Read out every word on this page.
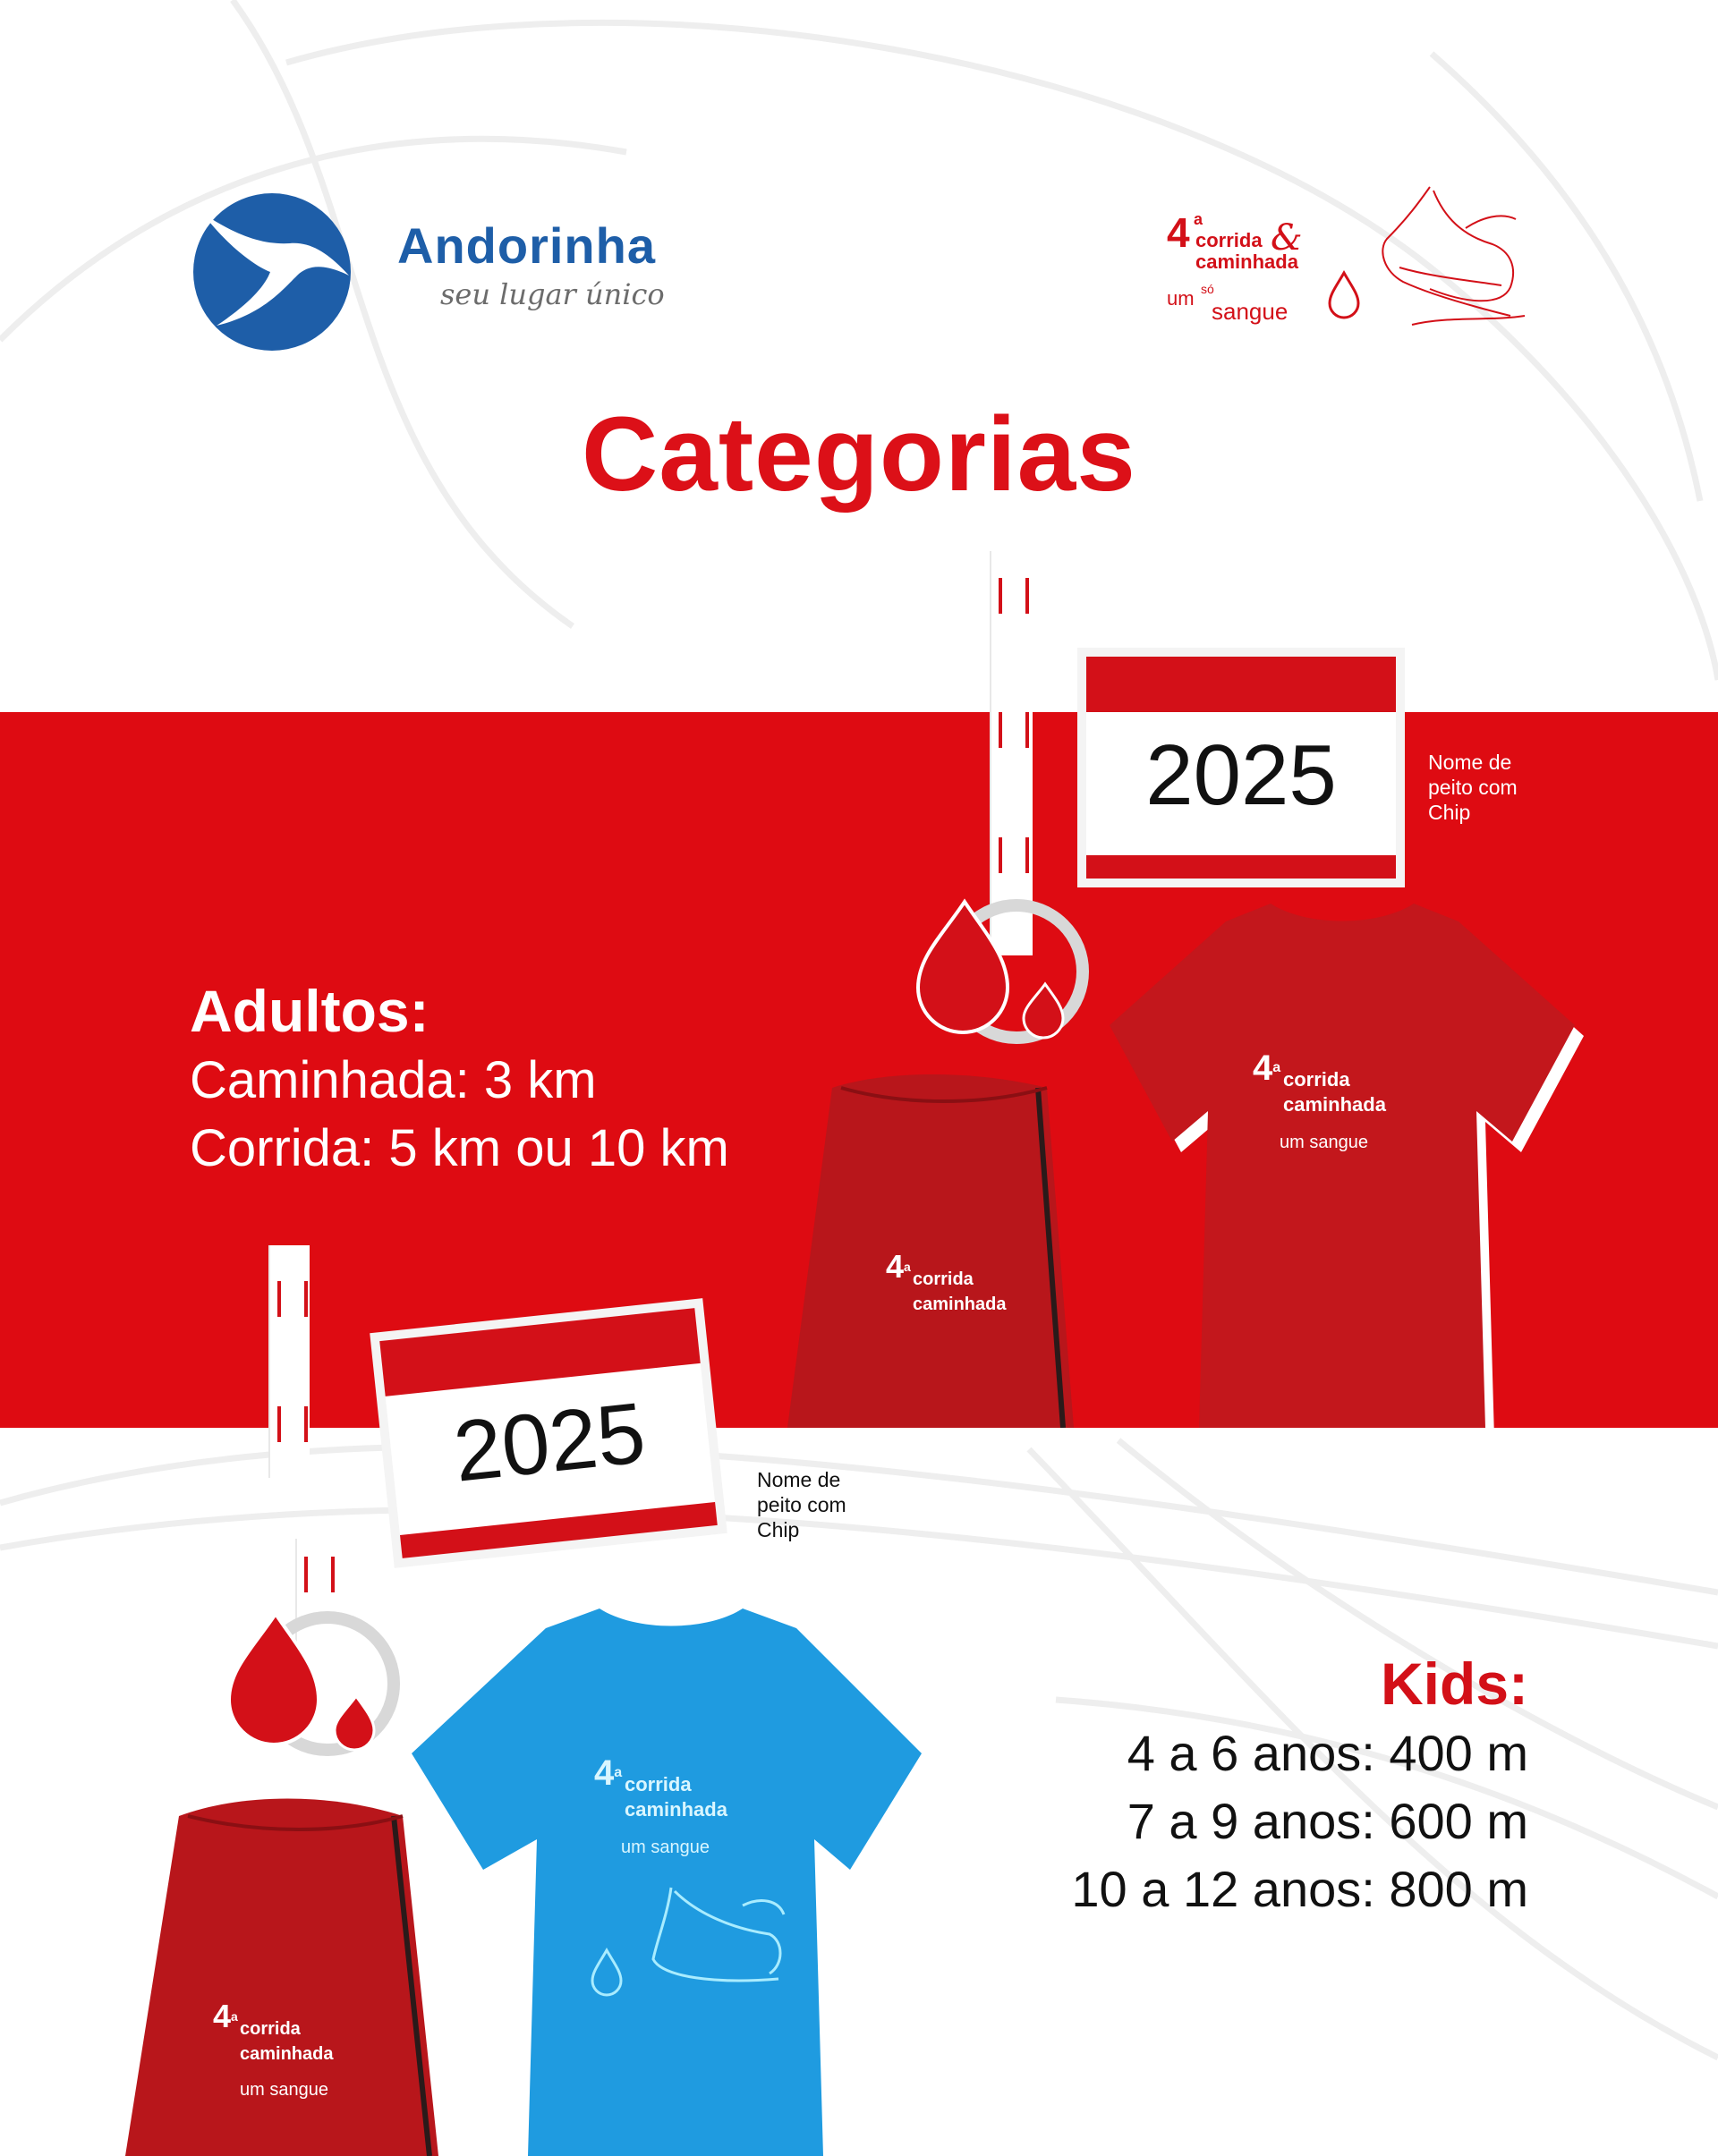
Andorinha
seu lugar único
4 a
corrida &
caminhada
um só
sangue
Categorias
2025	Nome de
peito com
Chip
4a
corrida
caminhada
um sangue
4a
corrida
caminhada
Adultos:
Caminhada: 3 km
Corrida: 5 km ou 10 km
2025	Nome de
peito com
Chip
4a
corrida
caminhada
um sangue
4a
corrida
caminhada
um sangue
Kids:
4 a 6 anos: 400 m
7 a 9 anos: 600 m
10 a 12 anos: 800 m
